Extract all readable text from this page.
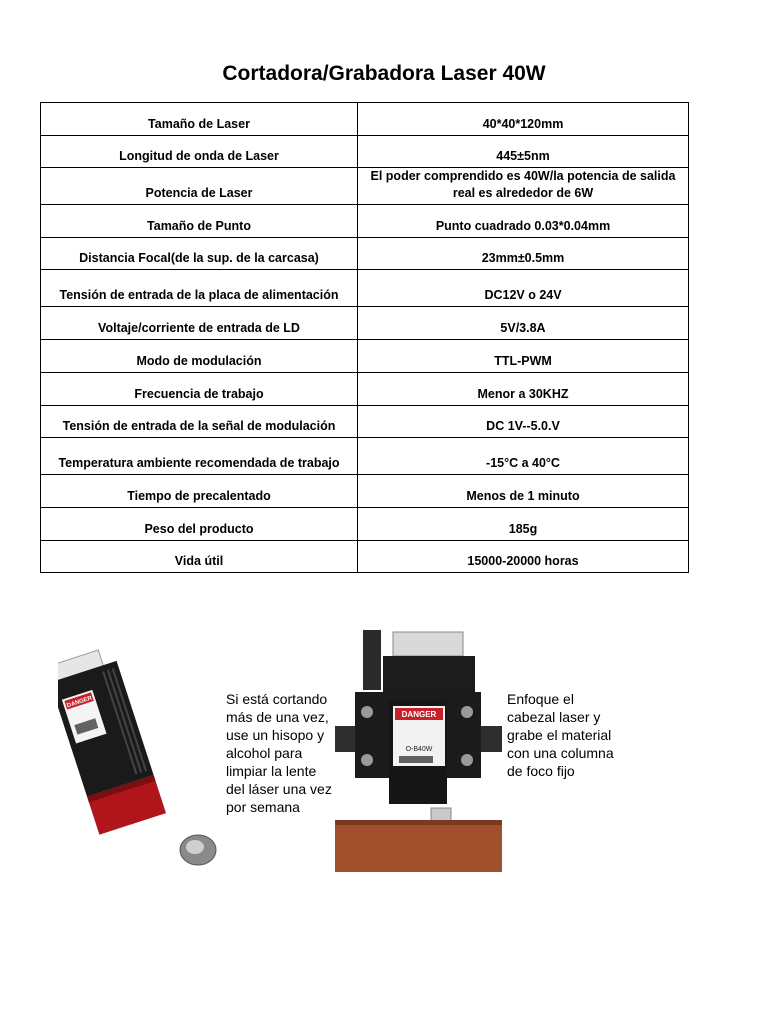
Cortadora/Grabadora Laser 40W
Tamaño de Laser	40*40*120mm
Longitud de onda de Laser	445±5nm
Potencia de Laser	El poder comprendido es 40W/la potencia de salida real es alrededor de 6W
Tamaño de Punto	Punto cuadrado 0.03*0.04mm
Distancia Focal(de la sup. de la carcasa)	23mm±0.5mm
Tensión de entrada de la placa de alimentación	DC12V o 24V
Voltaje/corriente de entrada de LD	5V/3.8A
Modo de modulación	TTL-PWM
Frecuencia de trabajo	Menor a 30KHZ
Tensión de entrada de la señal de modulación	DC 1V--5.0.V
Temperatura ambiente recomendada de trabajo	-15°C a 40°C
Tiempo de precalentado	Menos de 1 minuto
Peso del producto	185g
Vida útil	15000-20000 horas
DANGER	Si está cortando más de una vez, use un hisopo y alcohol para limpiar la lente del láser una vez por semana
DANGER
O-B40W
Enfoque el cabezal laser y grabe el material con una columna de foco fijo
